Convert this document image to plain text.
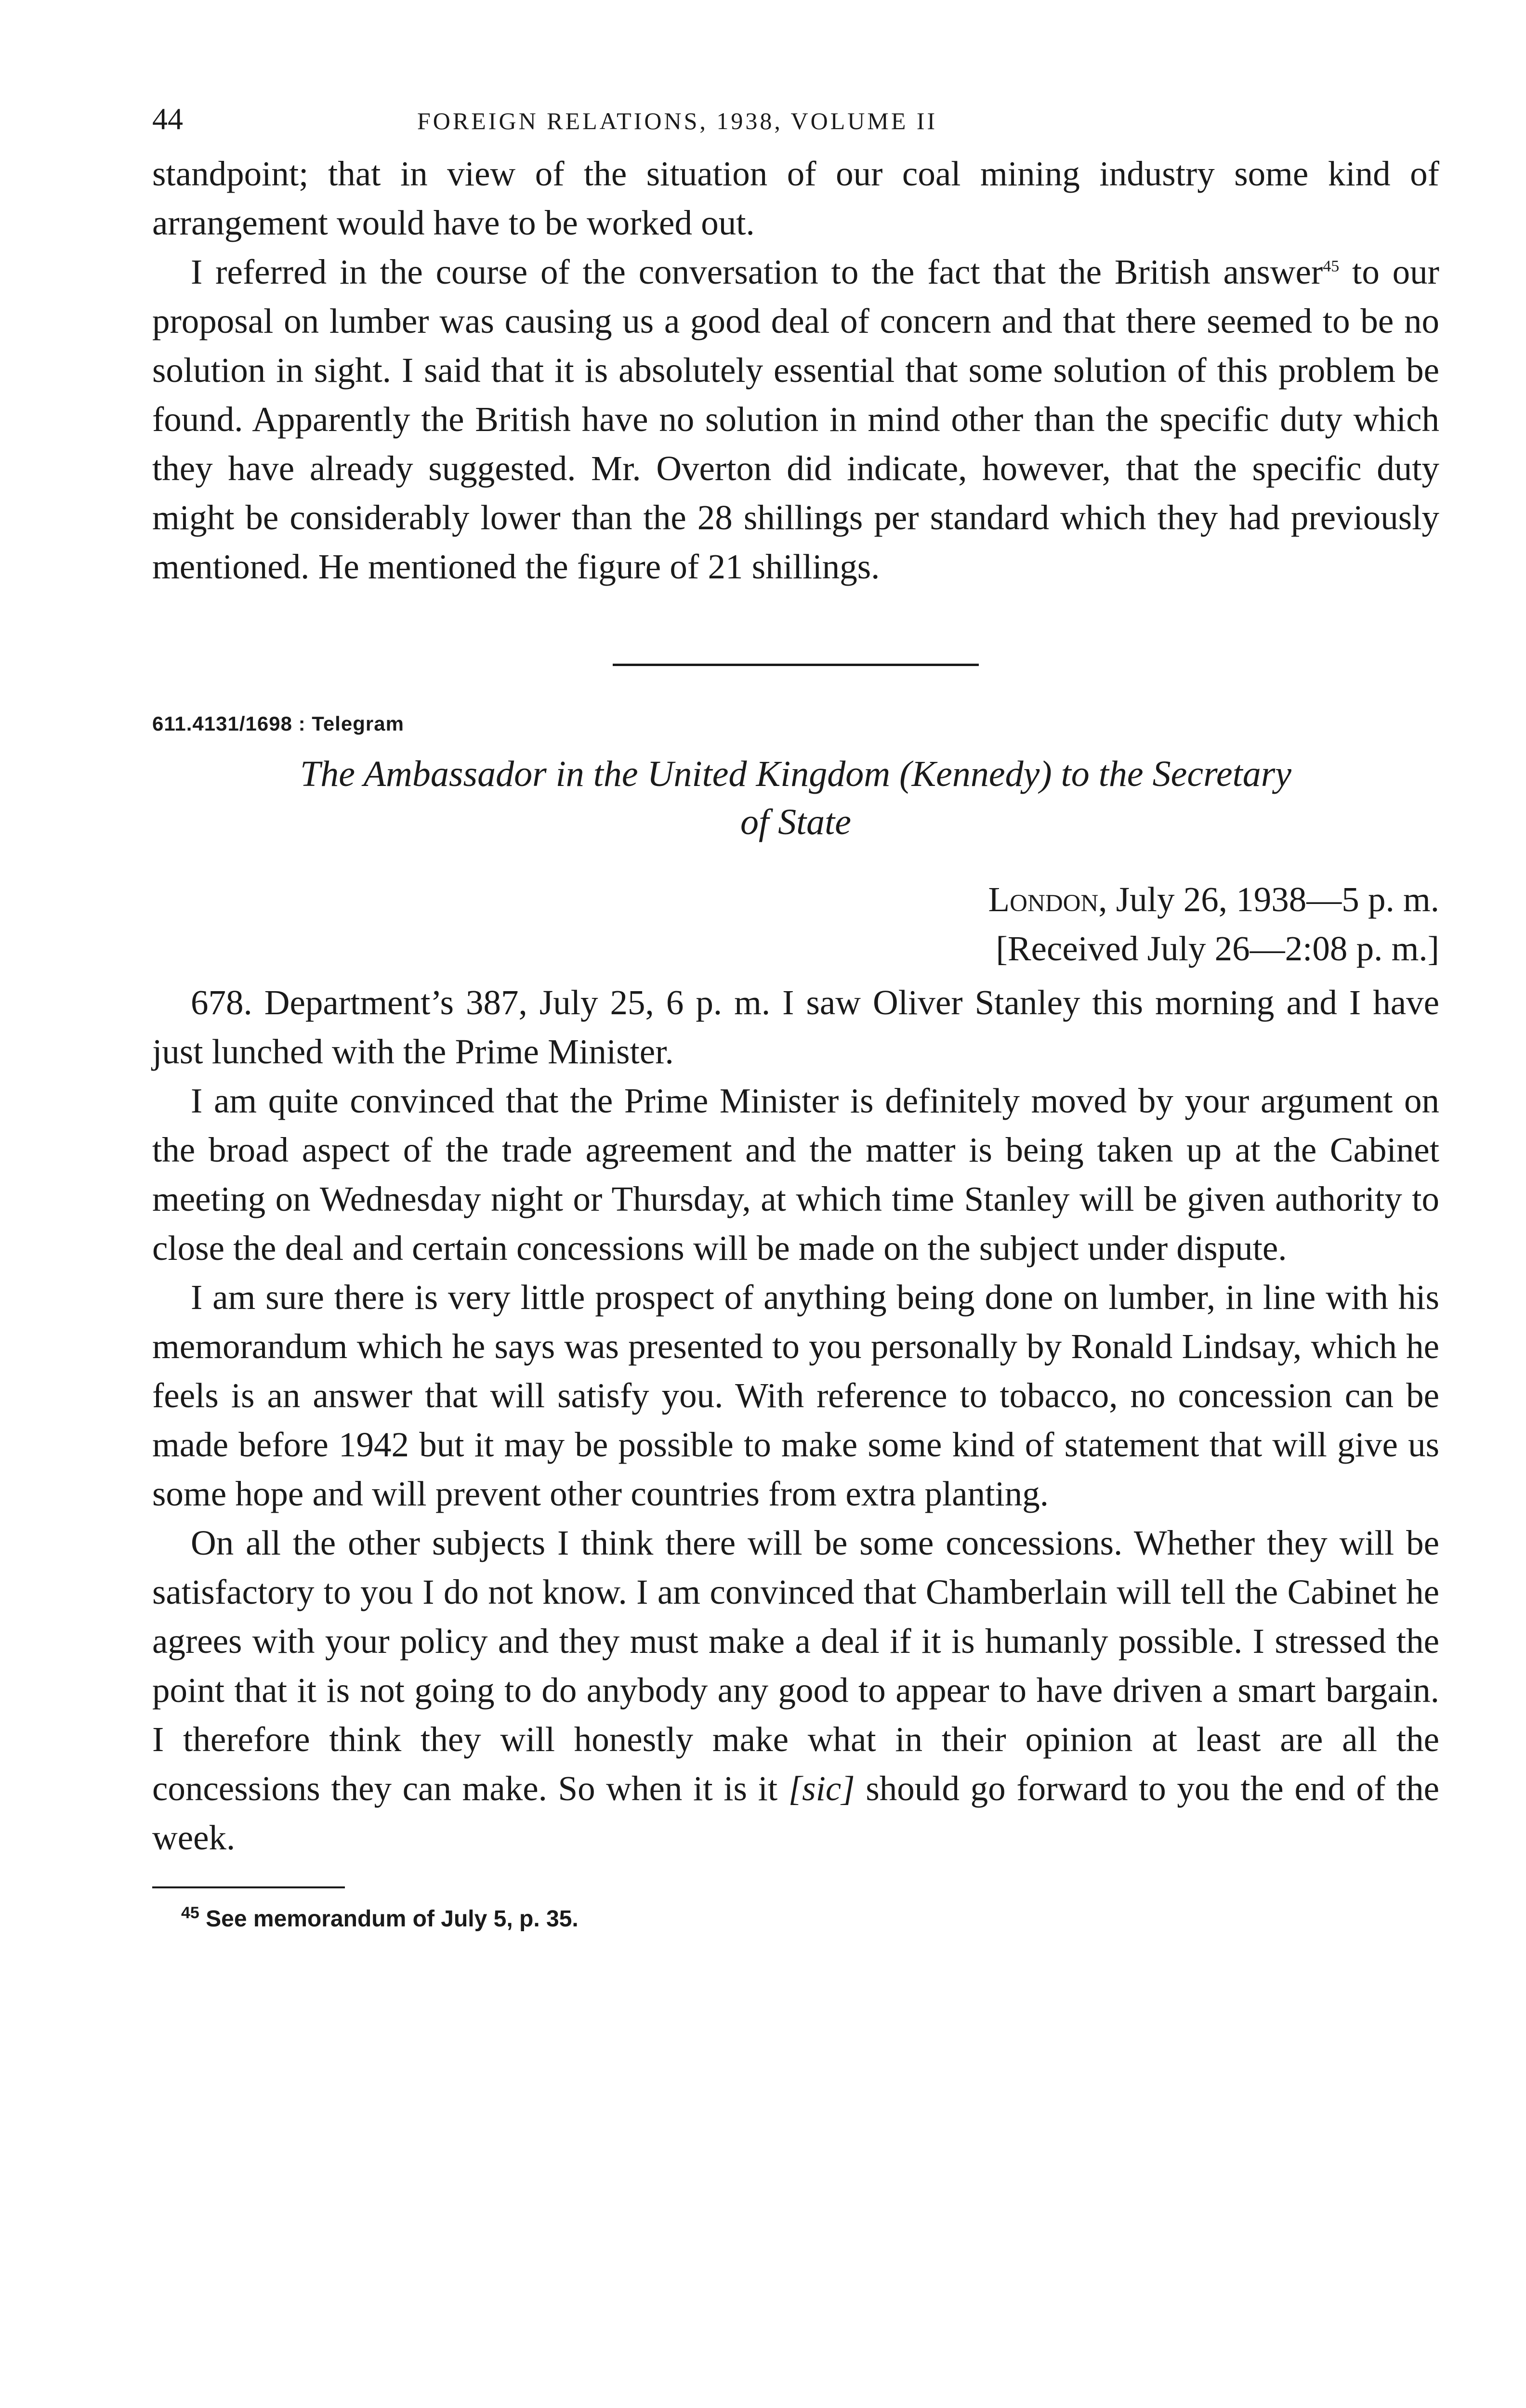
44	FOREIGN RELATIONS, 1938, VOLUME II

standpoint; that in view of the situation of our coal mining industry some kind of arrangement would have to be worked out.

I referred in the course of the conversation to the fact that the British answer$^{45}$ to our proposal on lumber was causing us a good deal of concern and that there seemed to be no solution in sight. I said that it is absolutely essential that some solution of this problem be found. Apparently the British have no solution in mind other than the specific duty which they have already suggested. Mr. Overton did indicate, however, that the specific duty might be considerably lower than the 28 shillings per standard which they had previously mentioned. He mentioned the figure of 21 shillings.

611.4131/1698 : Telegram
The Ambassador in the United Kingdom (Kennedy) to the Secretary
of State
London, July 26, 1938—5 p. m.
[Received July 26—2:08 p. m.]

678. Department’s 387, July 25, 6 p. m. I saw Oliver Stanley this morning and I have just lunched with the Prime Minister.

I am quite convinced that the Prime Minister is definitely moved by your argument on the broad aspect of the trade agreement and the matter is being taken up at the Cabinet meeting on Wednesday night or Thursday, at which time Stanley will be given authority to close the deal and certain concessions will be made on the subject under dispute.

I am sure there is very little prospect of anything being done on lumber, in line with his memorandum which he says was presented to you personally by Ronald Lindsay, which he feels is an answer that will satisfy you. With reference to tobacco, no concession can be made before 1942 but it may be possible to make some kind of statement that will give us some hope and will prevent other countries from extra planting.

On all the other subjects I think there will be some concessions. Whether they will be satisfactory to you I do not know. I am convinced that Chamberlain will tell the Cabinet he agrees with your policy and they must make a deal if it is humanly possible. I stressed the point that it is not going to do anybody any good to appear to have driven a smart bargain. I therefore think they will honestly make what in their opinion at least are all the concessions they can make. So when it is it [sic] should go forward to you the end of the week.

$^{45}$ See memorandum of July 5, p. 35.
